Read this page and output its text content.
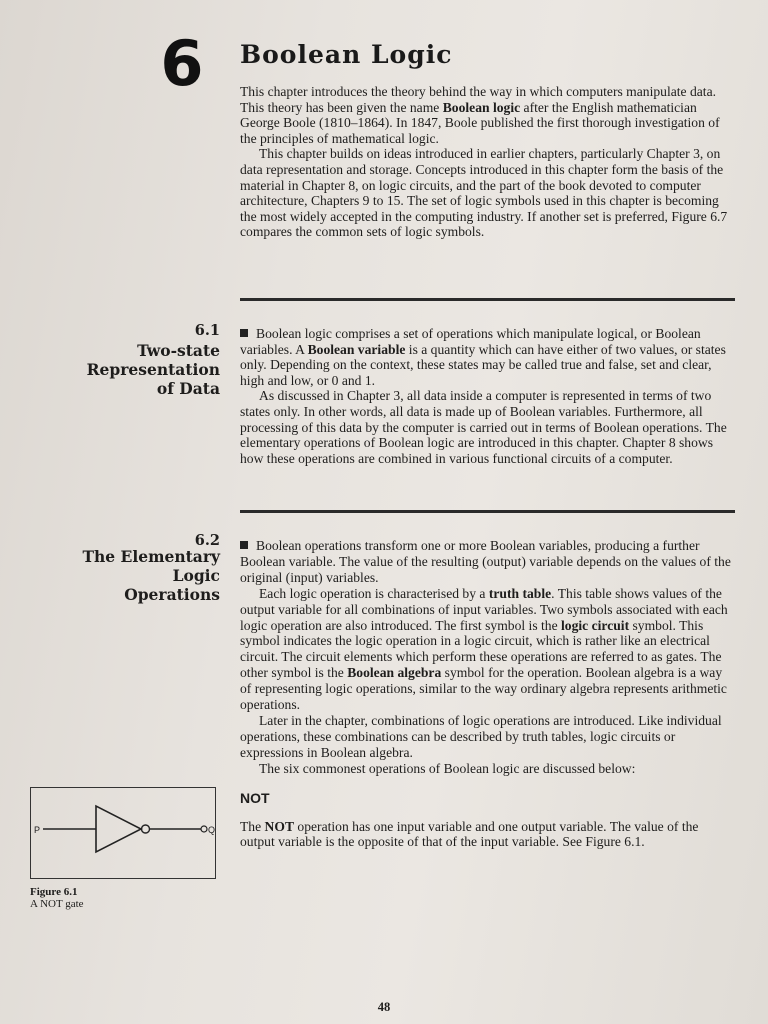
6	Boolean Logic

This chapter introduces the theory behind the way in which computers manipulate data. This theory has been given the name Boolean logic after the English mathematician George Boole (1810–1864). In 1847, Boole published the first thorough investigation of the principles of mathematical logic.

This chapter builds on ideas introduced in earlier chapters, particularly Chapter 3, on data representation and storage. Concepts introduced in this chapter form the basis of the material in Chapter 8, on logic circuits, and the part of the book devoted to computer architecture, Chapters 9 to 15. The set of logic symbols used in this chapter is becoming the most widely accepted in the computing industry. If another set is preferred, Figure 6.7 compares the common sets of logic symbols.

6.1
Two-state
Representation
of Data

Boolean logic comprises a set of operations which manipulate logical, or Boolean variables. A Boolean variable is a quantity which can have either of two values, or states only. Depending on the context, these states may be called true and false, set and clear, high and low, or 0 and 1.

As discussed in Chapter 3, all data inside a computer is represented in terms of two states only. In other words, all data is made up of Boolean variables. Furthermore, all processing of this data by the computer is carried out in terms of Boolean operations. The elementary operations of Boolean logic are introduced in this chapter. Chapter 8 shows how these operations are combined in various functional circuits of a computer.

6.2
The Elementary
Logic
Operations

Boolean operations transform one or more Boolean variables, producing a further Boolean variable. The value of the resulting (output) variable depends on the values of the original (input) variables.

Each logic operation is characterised by a truth table. This table shows values of the output variable for all combinations of input variables. Two symbols associated with each logic operation are also introduced. The first symbol is the logic circuit symbol. This symbol indicates the logic operation in a logic circuit, which is rather like an electrical circuit. The circuit elements which perform these operations are referred to as gates. The other symbol is the Boolean algebra symbol for the operation. Boolean algebra is a way of representing logic operations, similar to the way ordinary algebra represents arithmetic operations.

Later in the chapter, combinations of logic operations are introduced. Like individual operations, these combinations can be described by truth tables, logic circuits or expressions in Boolean algebra.

The six commonest operations of Boolean logic are discussed below:

NOT

The NOT operation has one input variable and one output variable. The value of the output variable is the opposite of that of the input variable. See Figure 6.1.

P	Q
Figure 6.1
A NOT gate
48
